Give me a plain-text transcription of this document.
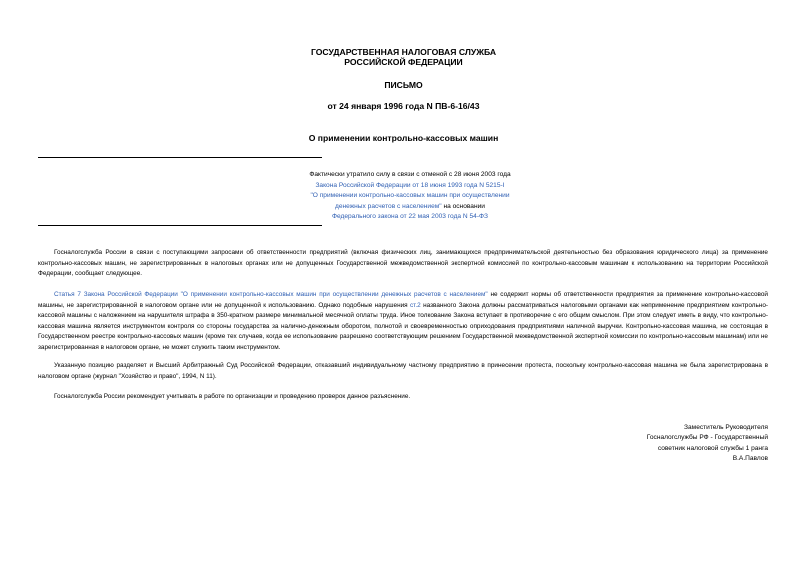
ГОСУДАРСТВЕННАЯ НАЛОГОВАЯ СЛУЖБА
РОССИЙСКОЙ ФЕДЕРАЦИИ
ПИСЬМО
от 24 января 1996 года N ПВ-6-16/43
О применении контрольно-кассовых машин
Фактически утратило силу в связи с отменой с 28 июня 2003 года
Закона Российской Федерации от 18 июня 1993 года N 5215-I
"О применении контрольно-кассовых машин при осуществлении
денежных расчетов с населением" на основании
Федерального закона от 22 мая 2003 года N 54-ФЗ

Госналогслужба России в связи с поступающими запросами об ответственности предприятий (включая физических лиц, занимающихся предпринимательской деятельностью без образования юридического лица) за применение контрольно-кассовых машин, не зарегистрированных в налоговых органах или не допущенных Государственной межведомственной экспертной комиссией по контрольно-кассовым машинам к использованию на территории Российской Федерации, сообщает следующее.

Статья 7 Закона Российской Федерации "О применении контрольно-кассовых машин при осуществлении денежных расчетов с населением" не содержит нормы об ответственности предприятия за применение контрольно-кассовой машины, не зарегистрированной в налоговом органе или не допущенной к использованию. Однако подобные нарушения ст.2 названного Закона должны рассматриваться налоговыми органами как неприменение предприятием контрольно-кассовой машины с наложением на нарушителя штрафа в 350-кратном размере минимальной месячной оплаты труда. Иное толкование Закона вступает в противоречие с его общим смыслом. При этом следует иметь в виду, что контрольно-кассовая машина является инструментом контроля со стороны государства за налично-денежным оборотом, полнотой и своевременностью оприходования предприятиями наличной выручки. Контрольно-кассовая машина, не состоящая в Государственном реестре контрольно-кассовых машин (кроме тех случаев, когда ее использование разрешено соответствующим решением Государственной межведомственной экспертной комиссии по контрольно-кассовым машинам) или не зарегистрированная в налоговом органе, не может служить таким инструментом.

Указанную позицию разделяет и Высший Арбитражный Суд Российской Федерации, отказавший индивидуальному частному предприятию в принесении протеста, поскольку контрольно-кассовая машина не была зарегистрирована в налоговом органе (журнал "Хозяйство и право", 1994, N 11).

Госналогслужба России рекомендует учитывать в работе по организации и проведению проверок данное разъяснение.

Заместитель Руководителя
Госналогслужбы РФ - Государственный
советник налоговой службы 1 ранга
В.А.Павлов
